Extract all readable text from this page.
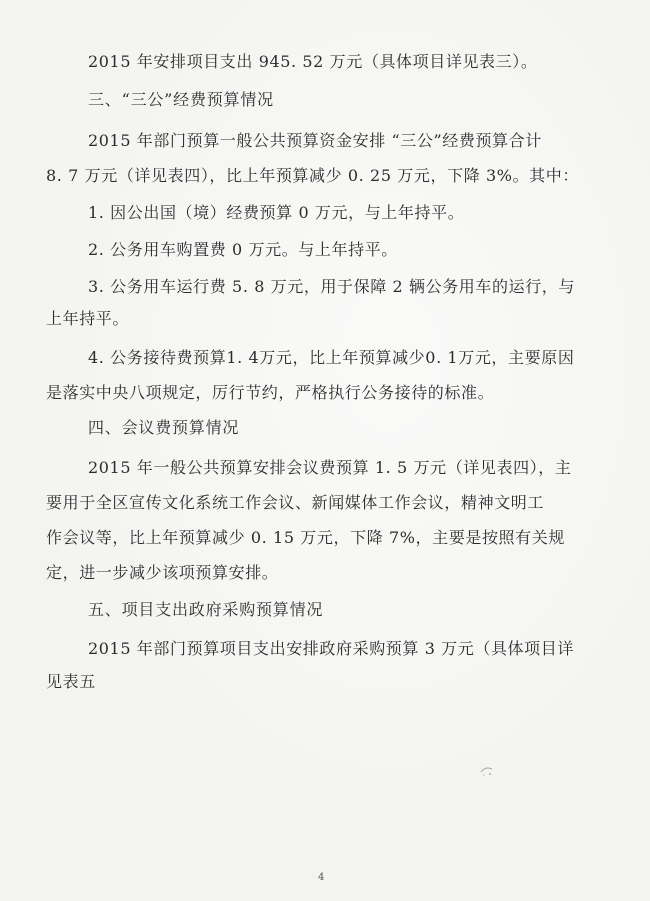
2015 年安排项目支出 945. 52 万元（具体项目详见表三）。
三、“三公”经费预算情况
2015 年部门预算一般公共预算资金安排 “三公”经费预算合计
8. 7 万元（详见表四），比上年预算减少 0. 25 万元，下降 3%。其中：
1. 因公出国（境）经费预算 0 万元，与上年持平。
2. 公务用车购置费 0 万元。与上年持平。
3. 公务用车运行费 5. 8 万元，用于保障 2 辆公务用车的运行，与
上年持平。
4. 公务接待费预算1. 4万元，比上年预算减少0. 1万元，主要原因
是落实中央八项规定，厉行节约，严格执行公务接待的标准。
四、会议费预算情况
2015 年一般公共预算安排会议费预算 1. 5 万元（详见表四），主
要用于全区宣传文化系统工作会议、新闻媒体工作会议，精神文明工
作会议等，比上年预算减少 0. 15 万元，下降 7%，主要是按照有关规
定，进一步减少该项预算安排。
五、项目支出政府采购预算情况
2015 年部门预算项目支出安排政府采购预算 3 万元（具体项目详
见表五
4
